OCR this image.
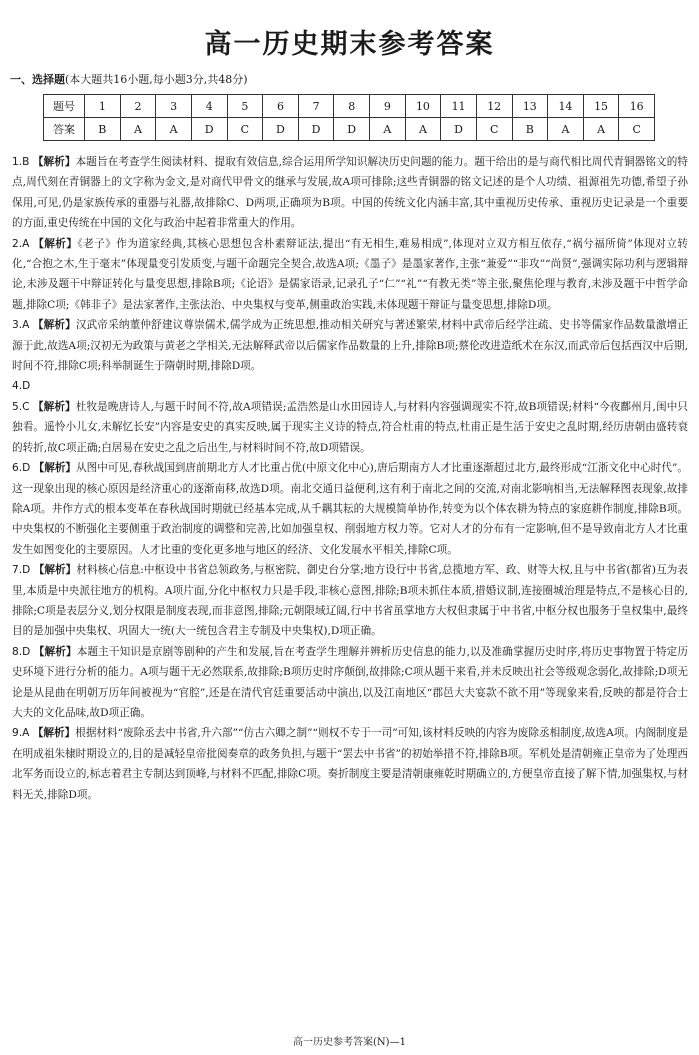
高一历史期末参考答案
一、选择题(本大题共16小题,每小题3分,共48分)
题号	1	2	3	4	5	6	7	8	9	10	11	12	13	14	15	16
答案	B	A	A	D	C	D	D	D	A	A	D	C	B	A	A	C

1.B 【解析】本题旨在考查学生阅读材料、提取有效信息,综合运用所学知识解决历史问题的能力。题干给出的是与商代相比周代青铜器铭文的特点,周代刻在青铜器上的文字称为金文,是对商代甲骨文的继承与发展,故A项可排除;这些青铜器的铭文记述的是个人功绩、祖源祖先功德,希望子孙保用,可见,仍是家族传承的重器与礼器,故排除C、D两项,正确项为B项。中国的传统文化内涵丰富,其中重视历史传承、重视历史记录是一个重要的方面,重史传统在中国的文化与政治中起着非常重大的作用。

2.A 【解析】《老子》作为道家经典,其核心思想包含朴素辩证法,提出“有无相生,难易相成”,体现对立双方相互依存,“祸兮福所倚”体现对立转化,“合抱之木,生于毫末”体现量变引发质变,与题干命题完全契合,故选A项;《墨子》是墨家著作,主张“兼爱”“非攻”“尚贤”,强调实际功利与逻辑辩论,未涉及题干中辩证转化与量变思想,排除B项;《论语》是儒家语录,记录孔子“仁”“礼”“有教无类”等主张,聚焦伦理与教育,未涉及题干中哲学命题,排除C项;《韩非子》是法家著作,主张法治、中央集权与变革,侧重政治实践,未体现题干辩证与量变思想,排除D项。

3.A 【解析】汉武帝采纳董仲舒建议尊崇儒术,儒学成为正统思想,推动相关研究与著述繁荣,材料中武帝后经学注疏、史书等儒家作品数量激增正源于此,故选A项;汉初无为政策与黄老之学相关,无法解释武帝以后儒家作品数量的上升,排除B项;蔡伦改进造纸术在东汉,而武帝后包括西汉中后期,时间不符,排除C项;科举制诞生于隋朝时期,排除D项。

4.D

5.C 【解析】杜牧是晚唐诗人,与题干时间不符,故A项错误;孟浩然是山水田园诗人,与材料内容强调现实不符,故B项错误;材料“今夜鄜州月,闺中只独看。遥怜小儿女,未解忆长安”内容是安史的真实反映,属于现实主义诗的特点,符合杜甫的特点,杜甫正是生活于安史之乱时期,经历唐朝由盛转衰的转折,故C项正确;白居易在安史之乱之后出生,与材料时间不符,故D项错误。

6.D 【解析】从图中可见,春秋战国到唐前期北方人才比重占优(中原文化中心),唐后期南方人才比重逐渐超过北方,最终形成“江浙文化中心时代”。这一现象出现的核心原因是经济重心的逐渐南移,故选D项。南北交通日益便利,这有利于南北之间的交流,对南北影响相当,无法解释图表现象,故排除A项。井作方式的根本变革在春秋战国时期就已经基本完成,从千耦其耘的大规模简单协作,转变为以个体农耕为特点的家庭耕作制度,排除B项。中央集权的不断强化主要侧重于政治制度的调整和完善,比如加强皇权、削弱地方权力等。它对人才的分布有一定影响,但不是导致南北方人才比重发生如图变化的主要原因。人才比重的变化更多地与地区的经济、文化发展水平相关,排除C项。

7.D 【解析】材料核心信息:中枢设中书省总领政务,与枢密院、御史台分掌;地方设行中书省,总揽地方军、政、财等大权,且与中书省(都省)互为表里,本质是中央派往地方的机构。A项片面,分化中枢权力只是手段,非核心意图,排除;B项未抓住本质,措婚议制,连接圈城治理是特点,不是核心目的,排除;C项是表层分义,划分权限是制度表现,而非意图,排除;元朝限域辽阔,行中书省虽掌地方大权但隶属于中书省,中枢分权也服务于皇权集中,最终目的是加强中央集权、巩固大一统(大一统包含君主专制及中央集权),D项正确。

8.D 【解析】本题主干知识是京剧等剧种的产生和发展,旨在考查学生理解并辨析历史信息的能力,以及准确掌握历史时序,将历史事物置于特定历史环境下进行分析的能力。A项与题干无必然联系,故排除;B项历史时序颠倒,故排除;C项从题干来看,并未反映出社会等级观念弱化,故排除;D项无论是从昆曲在明朝万历年间被视为“官腔”,还是在清代官廷重要活动中演出,以及江南地区“郡邑大夫宴款不欲不用”等现象来看,反映的都是符合士大夫的文化品味,故D项正确。

9.A 【解析】根据材料“废除丞去中书省,升六部”“仿古六卿之制”“则权不专于一司”可知,该材料反映的内容为废除丞相制度,故选A项。内阁制度是在明成祖朱棣时期设立的,目的是减轻皇帝批阅奏章的政务负担,与题干“罢去中书省”的初始举措不符,排除B项。军机处是清朝雍正皇帝为了处理西北军务而设立的,标志着君主专制达到顶峰,与材料不匹配,排除C项。奏折制度主要是清朝康雍乾时期确立的,方便皇帝直接了解下情,加强集权,与材料无关,排除D项。

高一历史参考答案(N)—1
